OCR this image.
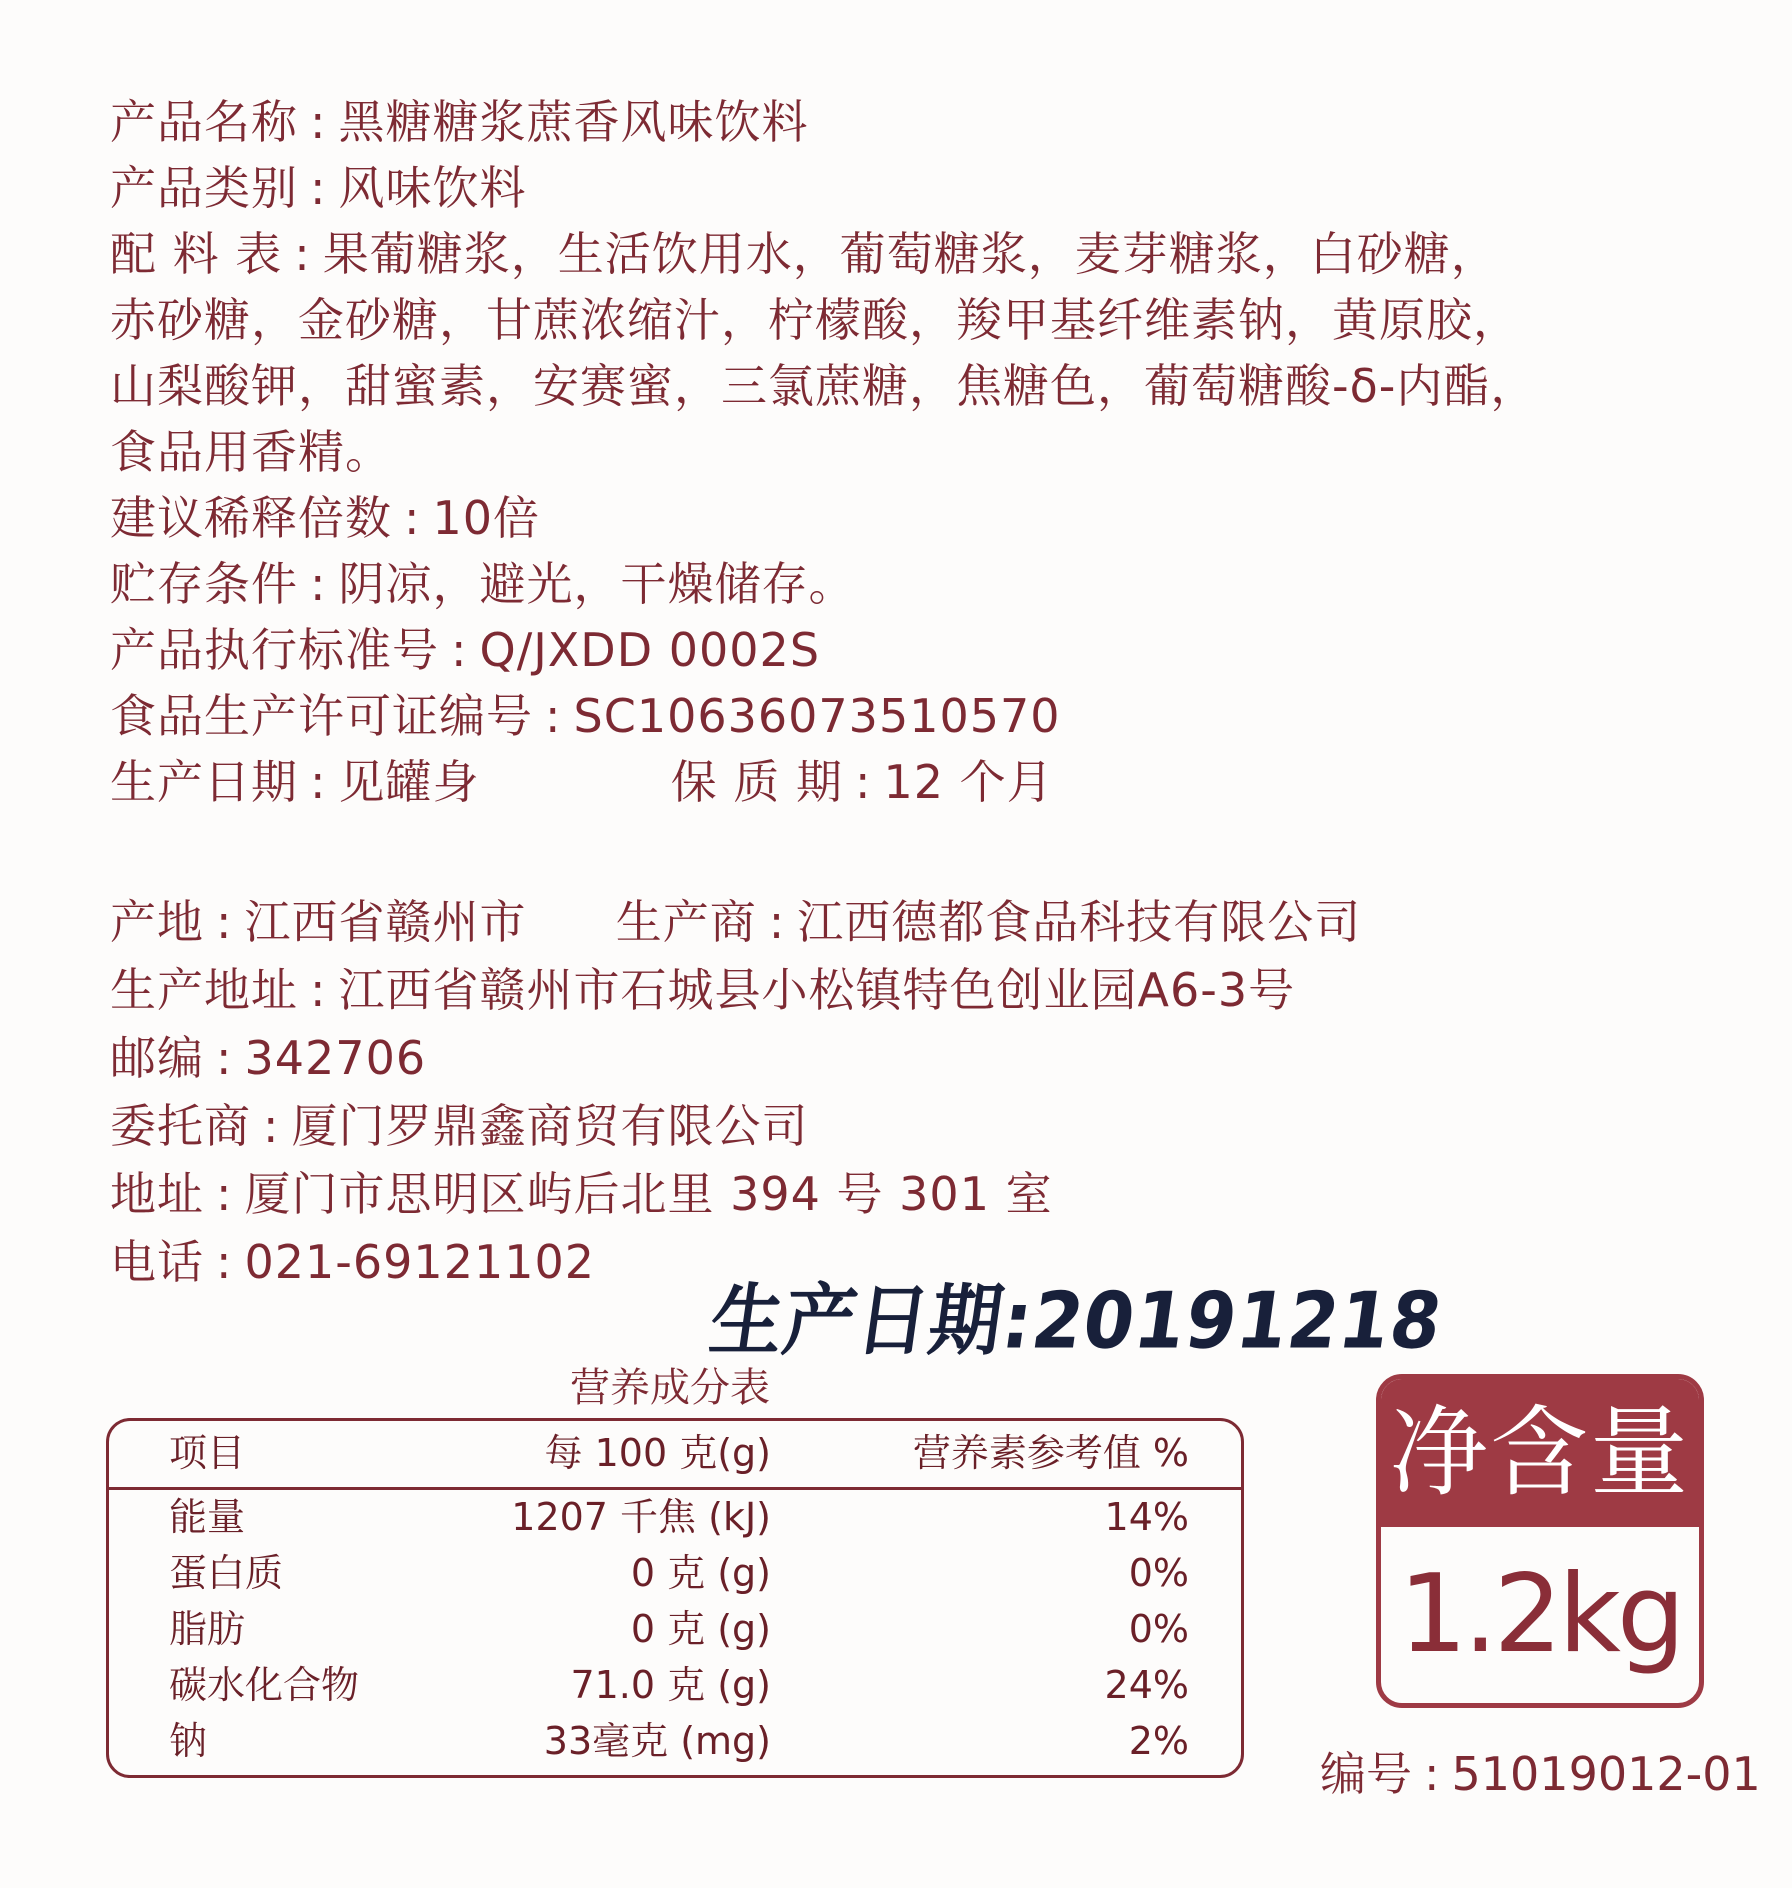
产品名称 : 黑糖糖浆蔗香风味饮料
产品类别 : 风味饮料
配 料 表 : 果葡糖浆，生活饮用水，葡萄糖浆，麦芽糖浆，白砂糖，
赤砂糖，金砂糖，甘蔗浓缩汁，柠檬酸，羧甲基纤维素钠，黄原胶，
山梨酸钾，甜蜜素，安赛蜜，三氯蔗糖，焦糖色，葡萄糖酸-δ-内酯，
食品用香精。
建议稀释倍数 : 10倍
贮存条件 : 阴凉，避光，干燥储存。
产品执行标准号 : Q/JXDD 0002S
食品生产许可证编号 : SC10636073510570
生产日期 : 见罐身	保 质 期 : 12 个月
产地 : 江西省赣州市 生产商 : 江西德都食品科技有限公司
生产地址 : 江西省赣州市石城县小松镇特色创业园A6-3号
邮编 : 342706
委托商 : 厦门罗鼎鑫商贸有限公司
地址 : 厦门市思明区屿后北里 394 号 301 室
电话 : 021-69121102
生产日期:20191218
营养成分表
项目	每 100 克(g)	营养素参考值 %
能量	1207 千焦 (kJ)	14%
蛋白质	0 克 (g)	0%
脂肪	0 克 (g)	0%
碳水化合物	71.0 克 (g)	24%
钠	33毫克 (mg)	2%
净含量
1.2kg
编号 : 51019012-01
